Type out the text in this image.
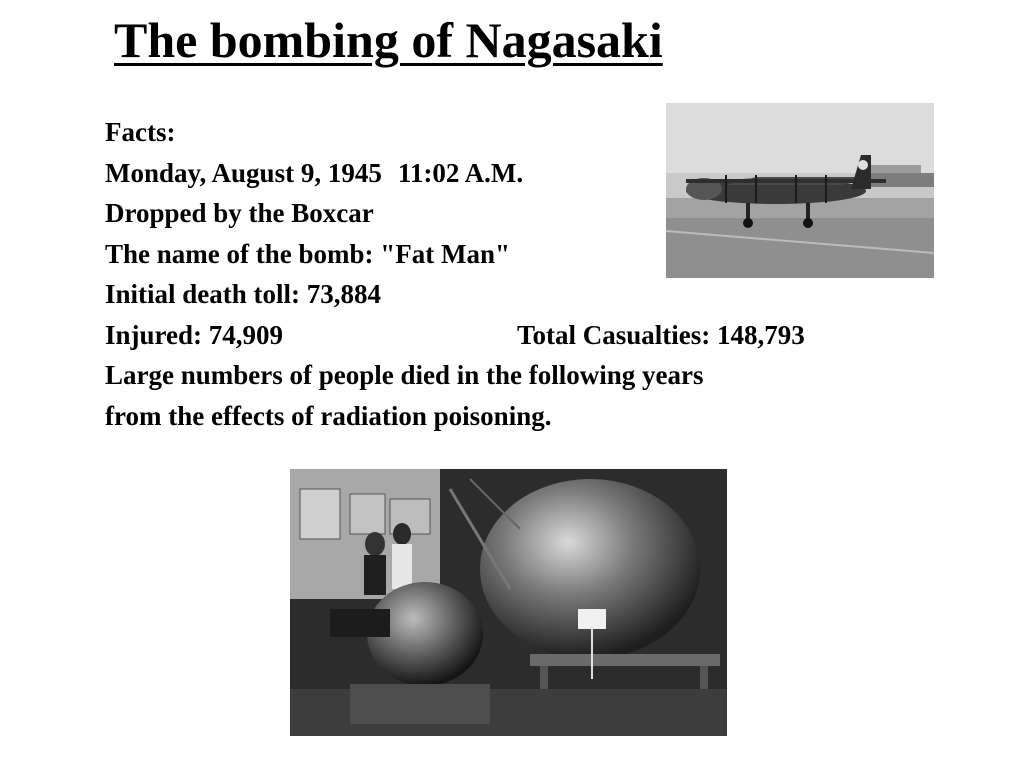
The bombing of Nagasaki
Facts:
Monday, August 9, 1945 11:02 A.M.
Dropped by the Boxcar
The name of the bomb: "Fat Man"
Initial death toll: 73,884
Injured: 74,909	Total Casualties: 148,793
Large numbers of people died in the following years
from the effects of radiation poisoning.
